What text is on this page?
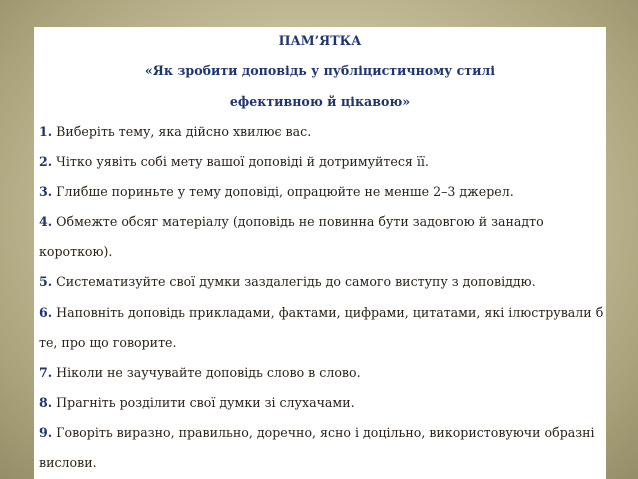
ПАМ’ЯТКА
«Як зробити доповідь у публіцистичному стилі
ефективною й цікавою»
1. Виберіть тему, яка дійсно хвилює вас.
2. Чітко уявіть собі мету вашої доповіді й дотримуйтеся її.
3. Глибше пориньте у тему доповіді, опрацюйте не менше 2–3 джерел.
4. Обмежте обсяг матеріалу (доповідь не повинна бути задовгою й занадто
короткою).
5. Систематизуйте свої думки заздалегідь до самого виступу з доповіддю.
6. Наповніть доповідь прикладами, фактами, цифрами, цитатами, які ілюстрували б
те, про що говорите.
7. Ніколи не заучувайте доповідь слово в слово.
8. Прагніть розділити свої думки зі слухачами.
9. Говоріть виразно, правильно, доречно, ясно і доцільно, використовуючи образні
вислови.
